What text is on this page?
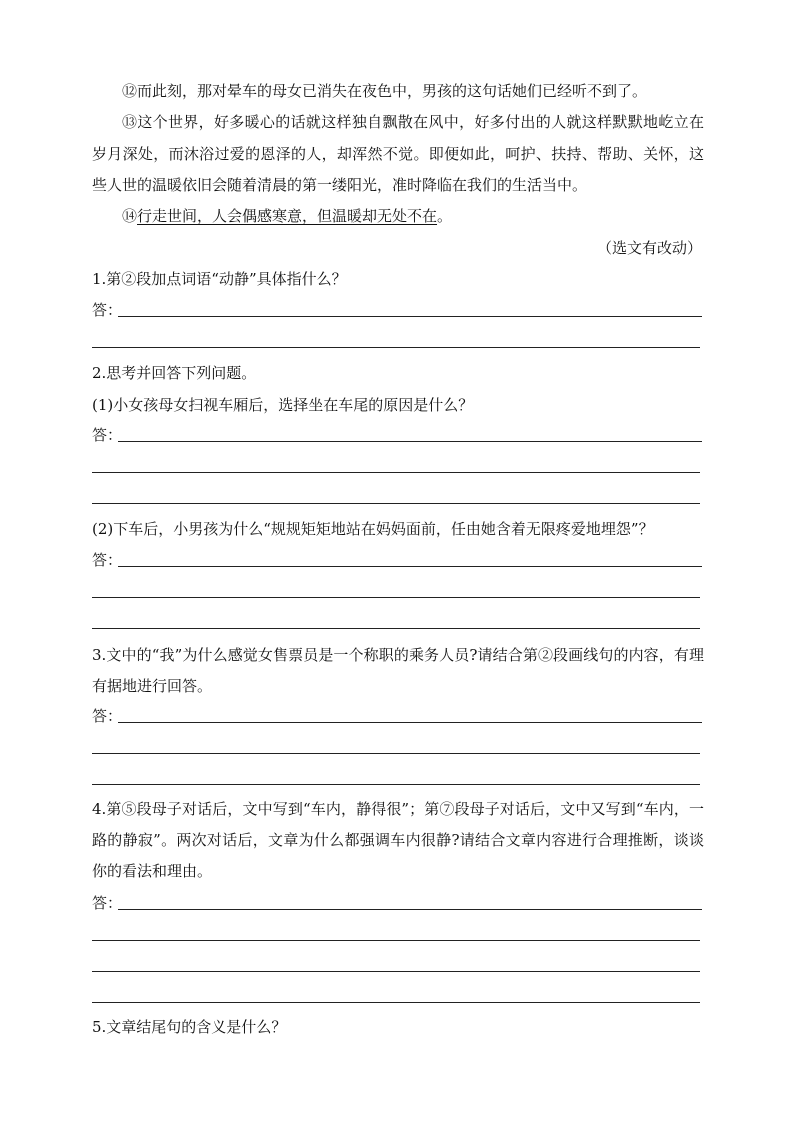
⑫而此刻，那对晕车的母女已消失在夜色中，男孩的这句话她们已经听不到了。

⑬这个世界，好多暖心的话就这样独自飘散在风中，好多付出的人就这样默默地屹立在岁月深处，而沐浴过爱的恩泽的人，却浑然不觉。即便如此，呵护、扶持、帮助、关怀，这些人世的温暖依旧会随着清晨的第一缕阳光，准时降临在我们的生活当中。

⑭行走世间，人会偶感寒意，但温暖却无处不在。

（选文有改动）

1.第②段加点词语“动静”具体指什么？

答：

2.思考并回答下列问题。

(1)小女孩母女扫视车厢后，选择坐在车尾的原因是什么？

答：

(2)下车后，小男孩为什么“规规矩矩地站在妈妈面前，任由她含着无限疼爱地埋怨”？

答：

3.文中的“我”为什么感觉女售票员是一个称职的乘务人员?请结合第②段画线句的内容，有理有据地进行回答。

答：

4.第⑤段母子对话后，文中写到“车内，静得很”；第⑦段母子对话后，文中又写到“车内，一路的静寂”。两次对话后，文章为什么都强调车内很静?请结合文章内容进行合理推断，谈谈你的看法和理由。

答：

5.文章结尾句的含义是什么？
